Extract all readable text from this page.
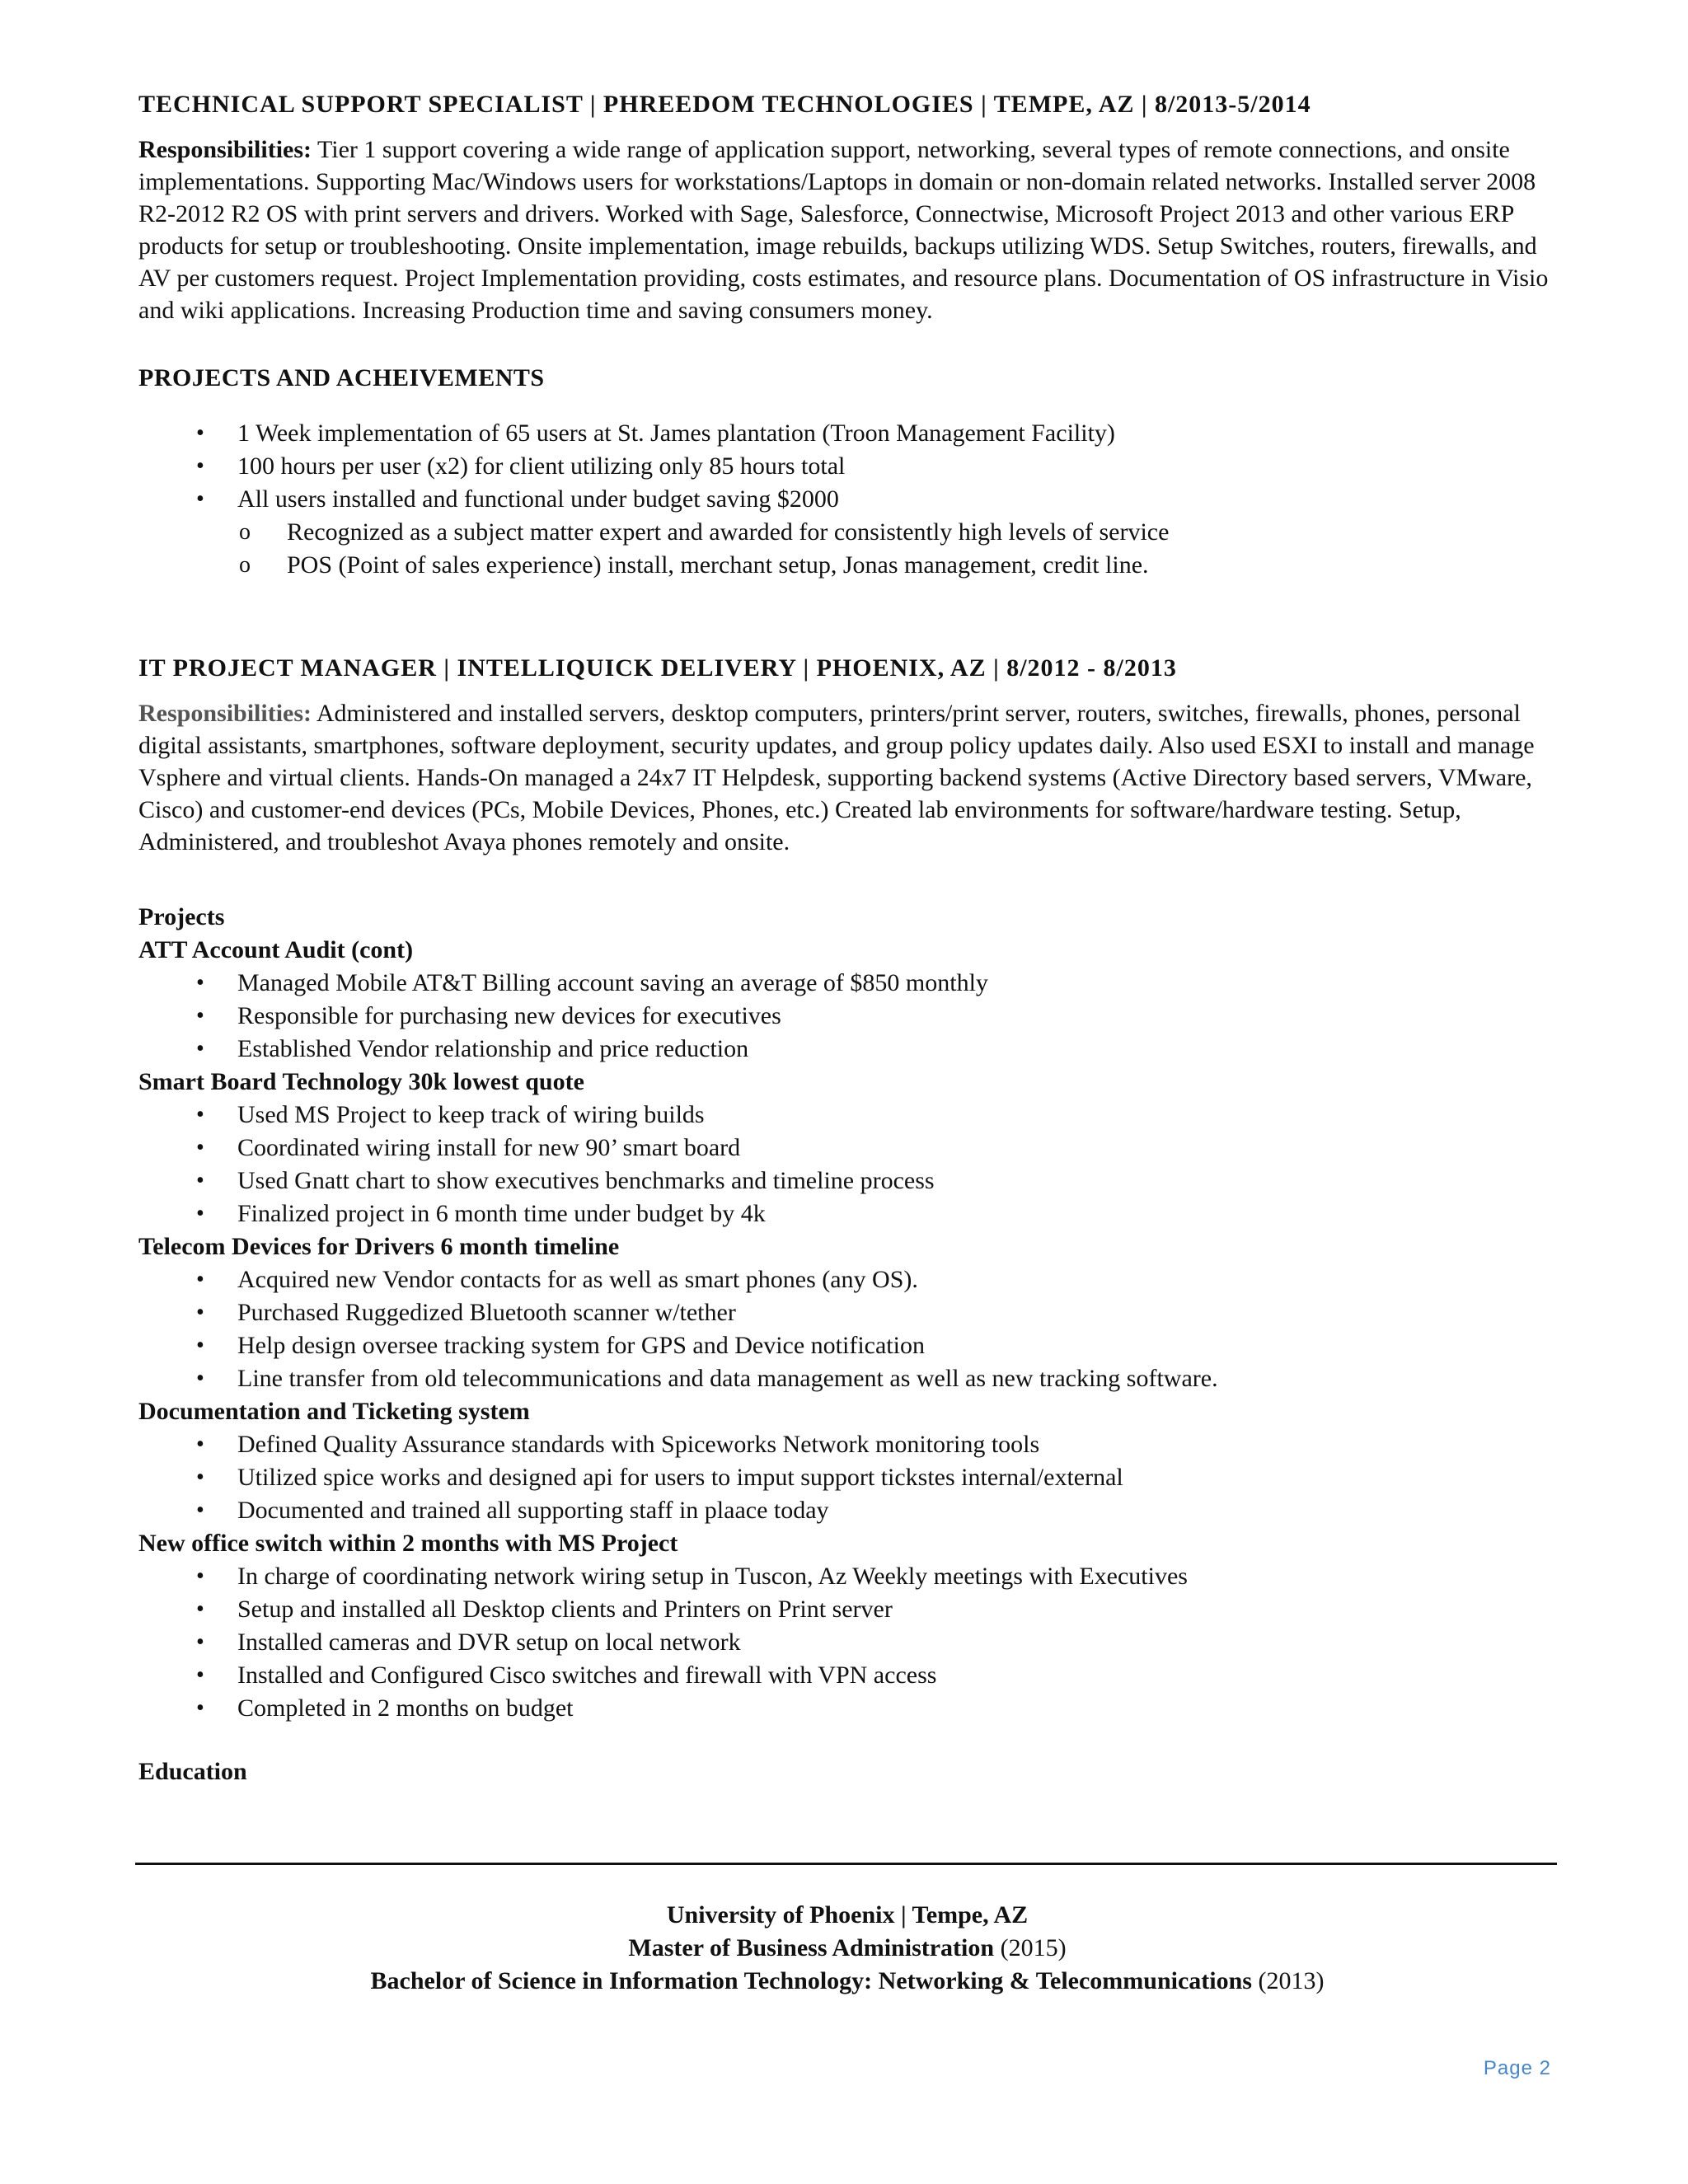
TECHNICAL SUPPORT SPECIALIST | PHREEDOM TECHNOLOGIES | TEMPE, AZ | 8/2013-5/2014

Responsibilities: Tier 1 support covering a wide range of application support, networking, several types of remote connections, and onsite implementations. Supporting Mac/Windows users for workstations/Laptops in domain or non-domain related networks. Installed server 2008 R2-2012 R2 OS with print servers and drivers. Worked with Sage, Salesforce, Connectwise, Microsoft Project 2013 and other various ERP products for setup or troubleshooting. Onsite implementation, image rebuilds, backups utilizing WDS. Setup Switches, routers, firewalls, and AV per customers request. Project Implementation providing, costs estimates, and resource plans. Documentation of OS infrastructure in Visio and wiki applications. Increasing Production time and saving consumers money.

PROJECTS AND ACHEIVEMENTS
• 1 Week implementation of 65 users at St. James plantation (Troon Management Facility)
• 100 hours per user (x2) for client utilizing only 85 hours total
• All users installed and functional under budget saving $2000
o Recognized as a subject matter expert and awarded for consistently high levels of service
o POS (Point of sales experience) install, merchant setup, Jonas management, credit line.
IT PROJECT MANAGER | INTELLIQUICK DELIVERY | PHOENIX, AZ | 8/2012 - 8/2013

Responsibilities: Administered and installed servers, desktop computers, printers/print server, routers, switches, firewalls, phones, personal digital assistants, smartphones, software deployment, security updates, and group policy updates daily. Also used ESXI to install and manage Vsphere and virtual clients. Hands-On managed a 24x7 IT Helpdesk, supporting backend systems (Active Directory based servers, VMware, Cisco) and customer-end devices (PCs, Mobile Devices, Phones, etc.) Created lab environments for software/hardware testing. Setup, Administered, and troubleshot Avaya phones remotely and onsite.

Projects
ATT Account Audit (cont)
• Managed Mobile AT&T Billing account saving an average of $850 monthly
• Responsible for purchasing new devices for executives
• Established Vendor relationship and price reduction
Smart Board Technology 30k lowest quote
• Used MS Project to keep track of wiring builds
• Coordinated wiring install for new 90’ smart board
• Used Gnatt chart to show executives benchmarks and timeline process
• Finalized project in 6 month time under budget by 4k
Telecom Devices for Drivers 6 month timeline
• Acquired new Vendor contacts for as well as smart phones (any OS).
• Purchased Ruggedized Bluetooth scanner w/tether
• Help design oversee tracking system for GPS and Device notification
• Line transfer from old telecommunications and data management as well as new tracking software.
Documentation and Ticketing system
• Defined Quality Assurance standards with Spiceworks Network monitoring tools
• Utilized spice works and designed api for users to imput support tickstes internal/external
• Documented and trained all supporting staff in plaace today
New office switch within 2 months with MS Project
• In charge of coordinating network wiring setup in Tuscon, Az Weekly meetings with Executives
• Setup and installed all Desktop clients and Printers on Print server
• Installed cameras and DVR setup on local network
• Installed and Configured Cisco switches and firewall with VPN access
• Completed in 2 months on budget
Education
University of Phoenix | Tempe, AZ
Master of Business Administration (2015)
Bachelor of Science in Information Technology: Networking & Telecommunications (2013)
Page 2
